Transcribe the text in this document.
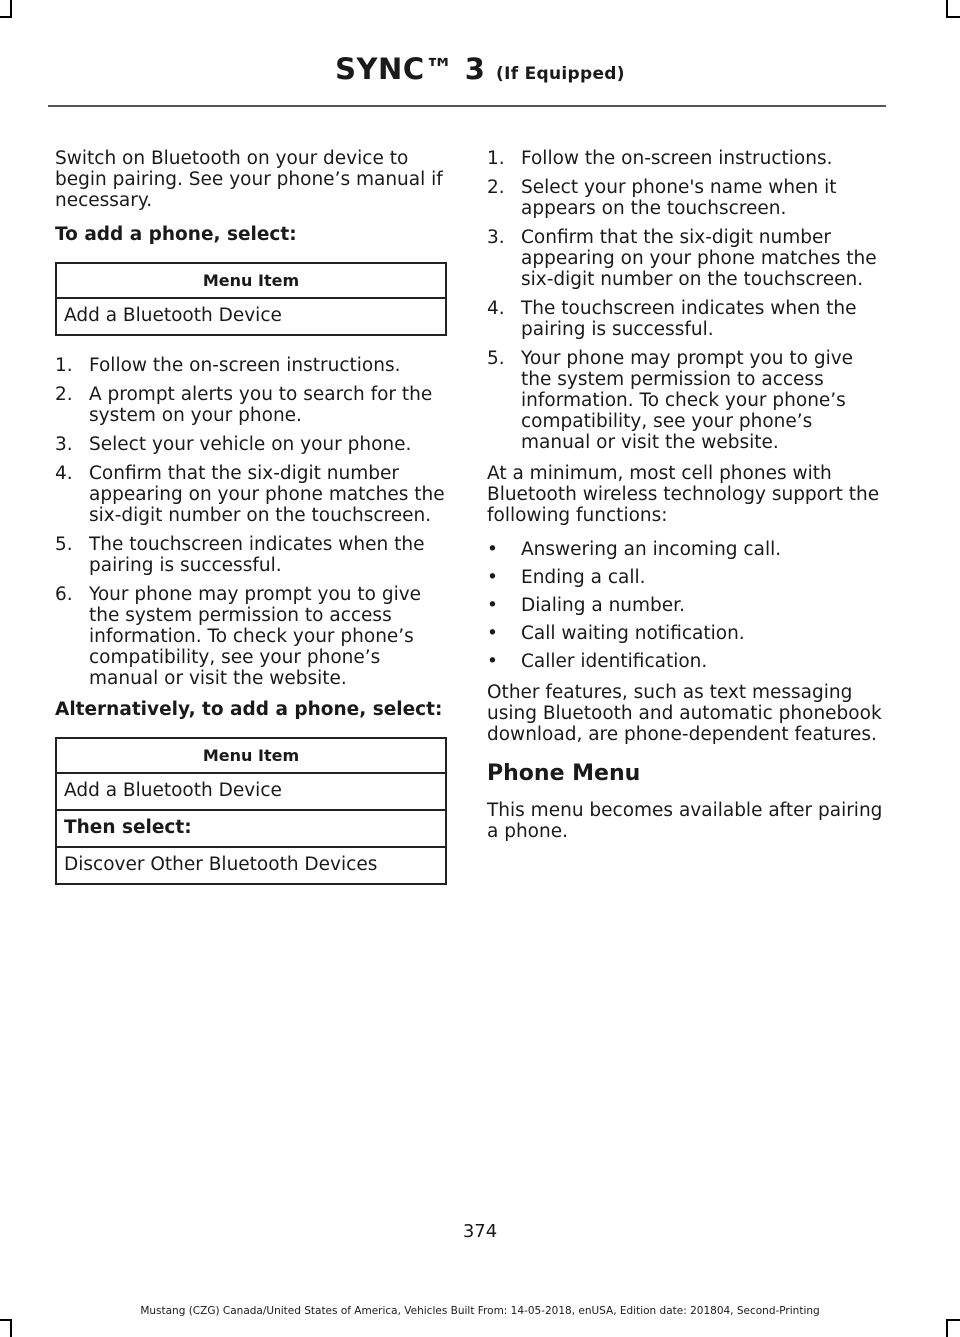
SYNC™ 3 (If Equipped)

Switch on Bluetooth on your device to begin pairing. See your phone’s manual if necessary.

To add a phone, select:

Menu Item
Add a Bluetooth Device
1. Follow the on-screen instructions.
2. A prompt alerts you to search for the system on your phone.
3. Select your vehicle on your phone.
4. Confirm that the six-digit number appearing on your phone matches the six-digit number on the touchscreen.
5. The touchscreen indicates when the pairing is successful.
6. Your phone may prompt you to give the system permission to access information. To check your phone’s compatibility, see your phone’s manual or visit the website.

Alternatively, to add a phone, select:

Menu Item
Add a Bluetooth Device
Then select:
Discover Other Bluetooth Devices
1. Follow the on-screen instructions.
2. Select your phone's name when it appears on the touchscreen.
3. Confirm that the six-digit number appearing on your phone matches the six-digit number on the touchscreen.
4. The touchscreen indicates when the pairing is successful.
5. Your phone may prompt you to give the system permission to access information. To check your phone’s compatibility, see your phone’s manual or visit the website.

At a minimum, most cell phones with Bluetooth wireless technology support the following functions:

• Answering an incoming call.
• Ending a call.
• Dialing a number.
• Call waiting notification.
• Caller identification.

Other features, such as text messaging using Bluetooth and automatic phonebook download, are phone-dependent features.

Phone Menu

This menu becomes available after pairing a phone.

374
Mustang (CZG) Canada/United States of America, Vehicles Built From: 14-05-2018, enUSA, Edition date: 201804, Second-Printing
